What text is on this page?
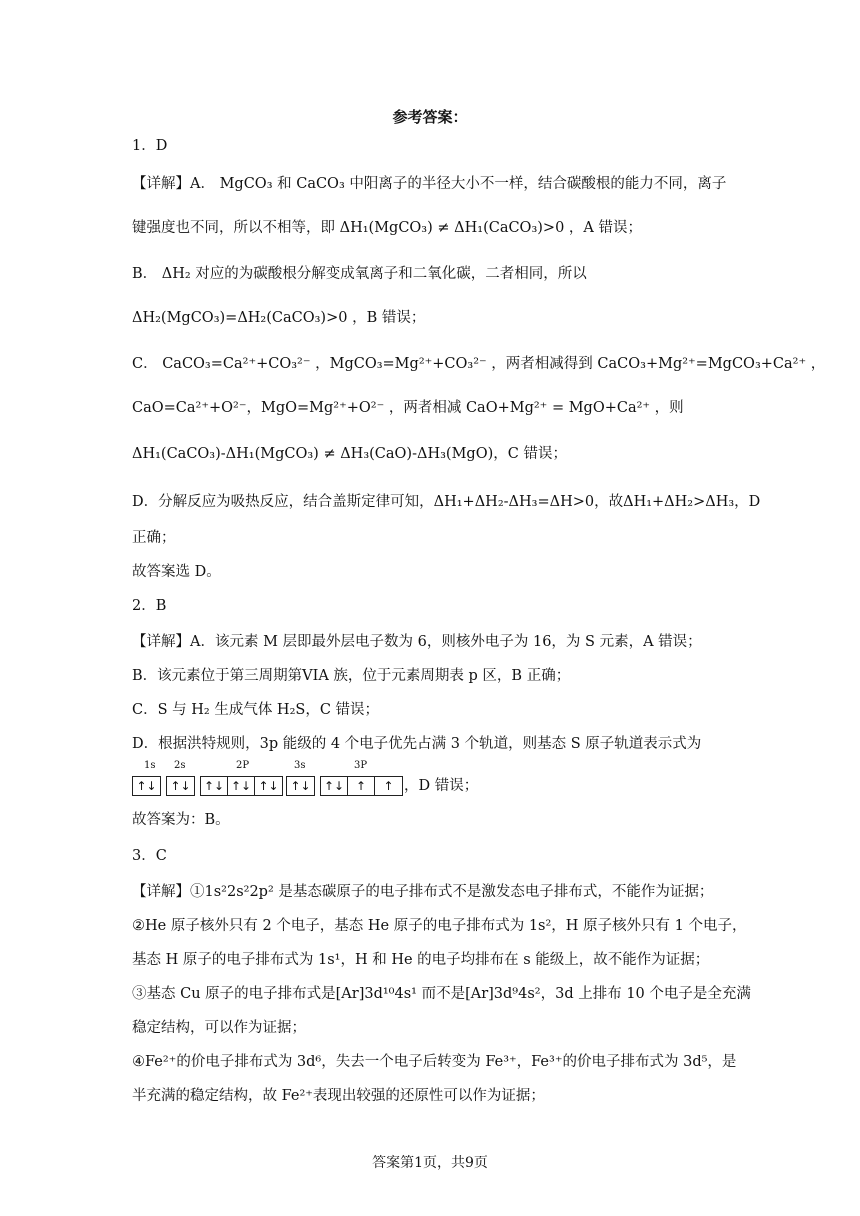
参考答案：
1．D
【详解】A． MgCO₃ 和 CaCO₃ 中阳离子的半径大小不一样，结合碳酸根的能力不同，离子
键强度也不同，所以不相等，即 ΔH₁(MgCO₃) ≠ ΔH₁(CaCO₃)>0 ，A 错误；
B． ΔH₂ 对应的为碳酸根分解变成氧离子和二氧化碳，二者相同，所以
ΔH₂(MgCO₃)=ΔH₂(CaCO₃)>0 ，B 错误；
C． CaCO₃=Ca²⁺+CO₃²⁻ ，MgCO₃=Mg²⁺+CO₃²⁻ ，两者相减得到 CaCO₃+Mg²⁺=MgCO₃+Ca²⁺ ，
CaO=Ca²⁺+O²⁻，MgO=Mg²⁺+O²⁻ ，两者相减 CaO+Mg²⁺ = MgO+Ca²⁺ ，则
ΔH₁(CaCO₃)-ΔH₁(MgCO₃) ≠ ΔH₃(CaO)-ΔH₃(MgO)，C 错误；
D．分解反应为吸热反应，结合盖斯定律可知，ΔH₁+ΔH₂-ΔH₃=ΔH>0，故ΔH₁+ΔH₂>ΔH₃，D
正确；
故答案选 D。
2．B
【详解】A．该元素 M 层即最外层电子数为 6，则核外电子为 16，为 S 元素，A 错误；
B．该元素位于第三周期第VIA 族，位于元素周期表 p 区，B 正确；
C．S 与 H₂ 生成气体 H₂S，C 错误；
D．根据洪特规则，3p 能级的 4 个电子优先占满 3 个轨道，则基态 S 原子轨道表示式为
1s 2s	2P	3s	3P
↑↓ ↑↓ ↑↓ ↑↓ ↑↓ ↑↓ ↑↓ ↑	↑ ，D 错误；
故答案为：B。
3．C
【详解】①1s²2s²2p² 是基态碳原子的电子排布式不是激发态电子排布式，不能作为证据；
②He 原子核外只有 2 个电子，基态 He 原子的电子排布式为 1s²，H 原子核外只有 1 个电子，
基态 H 原子的电子排布式为 1s¹，H 和 He 的电子均排布在 s 能级上，故不能作为证据；
③基态 Cu 原子的电子排布式是[Ar]3d¹⁰4s¹ 而不是[Ar]3d⁹4s²，3d 上排布 10 个电子是全充满
稳定结构，可以作为证据；
④Fe²⁺的价电子排布式为 3d⁶，失去一个电子后转变为 Fe³⁺，Fe³⁺的价电子排布式为 3d⁵，是
半充满的稳定结构，故 Fe²⁺表现出较强的还原性可以作为证据；
答案第1页，共9页
